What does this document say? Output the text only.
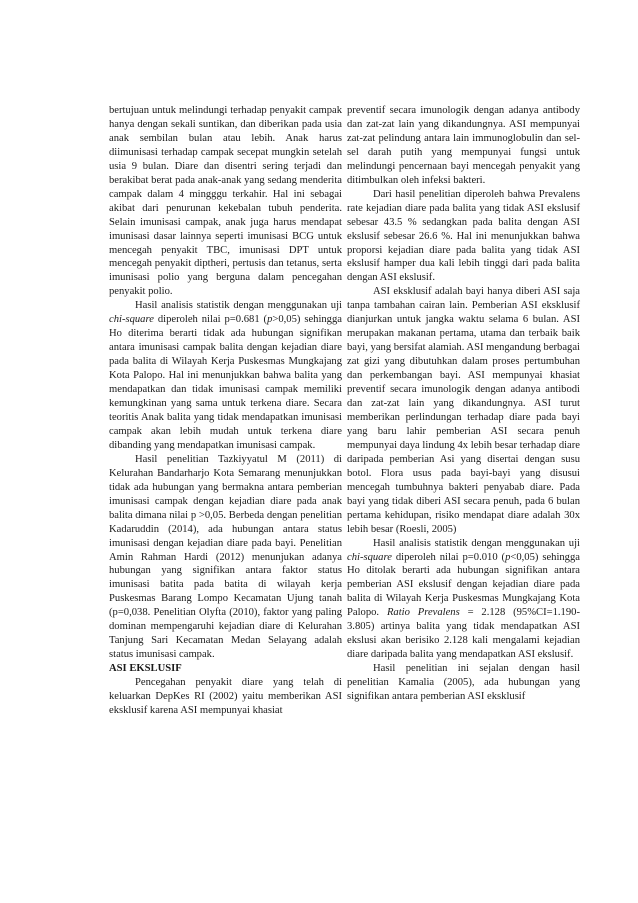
bertujuan untuk melindungi terhadap penyakit campak hanya dengan sekali suntikan, dan diberikan pada usia anak sembilan bulan atau lebih. Anak harus diimunisasi terhadap campak secepat mungkin setelah usia 9 bulan. Diare dan disentri sering terjadi dan berakibat berat pada anak-anak yang sedang menderita campak dalam 4 mingggu terkahir. Hal ini sebagai akibat dari penurunan kekebalan tubuh penderita. Selain imunisasi campak, anak juga harus mendapat imunisasi dasar lainnya seperti imunisasi BCG untuk mencegah penyakit TBC, imunisasi DPT untuk mencegah penyakit diptheri, pertusis dan tetanus, serta imunisasi polio yang berguna dalam pencegahan penyakit polio.

Hasil analisis statistik dengan menggunakan uji chi-square diperoleh nilai p=0.681 (p>0,05) sehingga Ho diterima berarti tidak ada hubungan signifikan antara imunisasi campak balita dengan kejadian diare pada balita di Wilayah Kerja Puskesmas Mungkajang Kota Palopo. Hal ini menunjukkan bahwa balita yang mendapatkan dan tidak imunisasi campak memiliki kemungkinan yang sama untuk terkena diare. Secara teoritis Anak balita yang tidak mendapatkan imunisasi campak akan lebih mudah untuk terkena diare dibanding yang mendapatkan imunisasi campak.

Hasil penelitian Tazkiyyatul M (2011) di Kelurahan Bandarharjo Kota Semarang menunjukkan tidak ada hubungan yang bermakna antara pemberian imunisasi campak dengan kejadian diare pada anak balita dimana nilai p >0,05. Berbeda dengan penelitian Kadaruddin (2014), ada hubungan antara status imunisasi dengan kejadian diare pada bayi. Penelitian Amin Rahman Hardi (2012) menunjukan adanya hubungan yang signifikan antara faktor status imunisasi batita pada batita di wilayah kerja Puskesmas Barang Lompo Kecamatan Ujung tanah (p=0,038. Penelitian Olyfta (2010), faktor yang paling dominan mempengaruhi kejadian diare di Kelurahan Tanjung Sari Kecamatan Medan Selayang adalah status imunisasi campak.

ASI EKSLUSIF

Pencegahan penyakit diare yang telah di keluarkan DepKes RI (2002) yaitu memberikan ASI eksklusif karena ASI mempunyai khasiat

preventif secara imunologik dengan adanya antibody dan zat-zat lain yang dikandungnya. ASI mempunyai zat-zat pelindung antara lain immunoglobulin dan sel-sel darah putih yang mempunyai fungsi untuk melindungi pencernaan bayi mencegah penyakit yang ditimbulkan oleh infeksi bakteri.

Dari hasil penelitian diperoleh bahwa Prevalens rate kejadian diare pada balita yang tidak ASI ekslusif sebesar 43.5 % sedangkan pada balita dengan ASI ekslusif sebesar 26.6 %. Hal ini menunjukkan bahwa proporsi kejadian diare pada balita yang tidak ASI ekslusif hamper dua kali lebih tinggi dari pada balita dengan ASI ekslusif.

ASI eksklusif adalah bayi hanya diberi ASI saja tanpa tambahan cairan lain. Pemberian ASI eksklusif dianjurkan untuk jangka waktu selama 6 bulan. ASI merupakan makanan pertama, utama dan terbaik baik bayi, yang bersifat alamiah. ASI mengandung berbagai zat gizi yang dibutuhkan dalam proses pertumbuhan dan perkembangan bayi. ASI mempunyai khasiat preventif secara imunologik dengan adanya antibodi dan zat-zat lain yang dikandungnya. ASI turut memberikan perlindungan terhadap diare pada bayi yang baru lahir pemberian ASI secara penuh mempunyai daya lindung 4x lebih besar terhadap diare daripada pemberian Asi yang disertai dengan susu botol. Flora usus pada bayi-bayi yang disusui mencegah tumbuhnya bakteri penyabab diare. Pada bayi yang tidak diberi ASI secara penuh, pada 6 bulan pertama kehidupan, risiko mendapat diare adalah 30x lebih besar (Roesli, 2005)

Hasil analisis statistik dengan menggunakan uji chi-square diperoleh nilai p=0.010 (p<0,05) sehingga Ho ditolak berarti ada hubungan signifikan antara pemberian ASI ekslusif dengan kejadian diare pada balita di Wilayah Kerja Puskesmas Mungkajang Kota Palopo. Ratio Prevalens = 2.128 (95%CI=1.190-3.805) artinya balita yang tidak mendapatkan ASI ekslusi akan berisiko 2.128 kali mengalami kejadian diare daripada balita yang mendapatkan ASI ekslusif.

Hasil penelitian ini sejalan dengan hasil penelitian Kamalia (2005), ada hubungan yang signifikan antara pemberian ASI eksklusif
